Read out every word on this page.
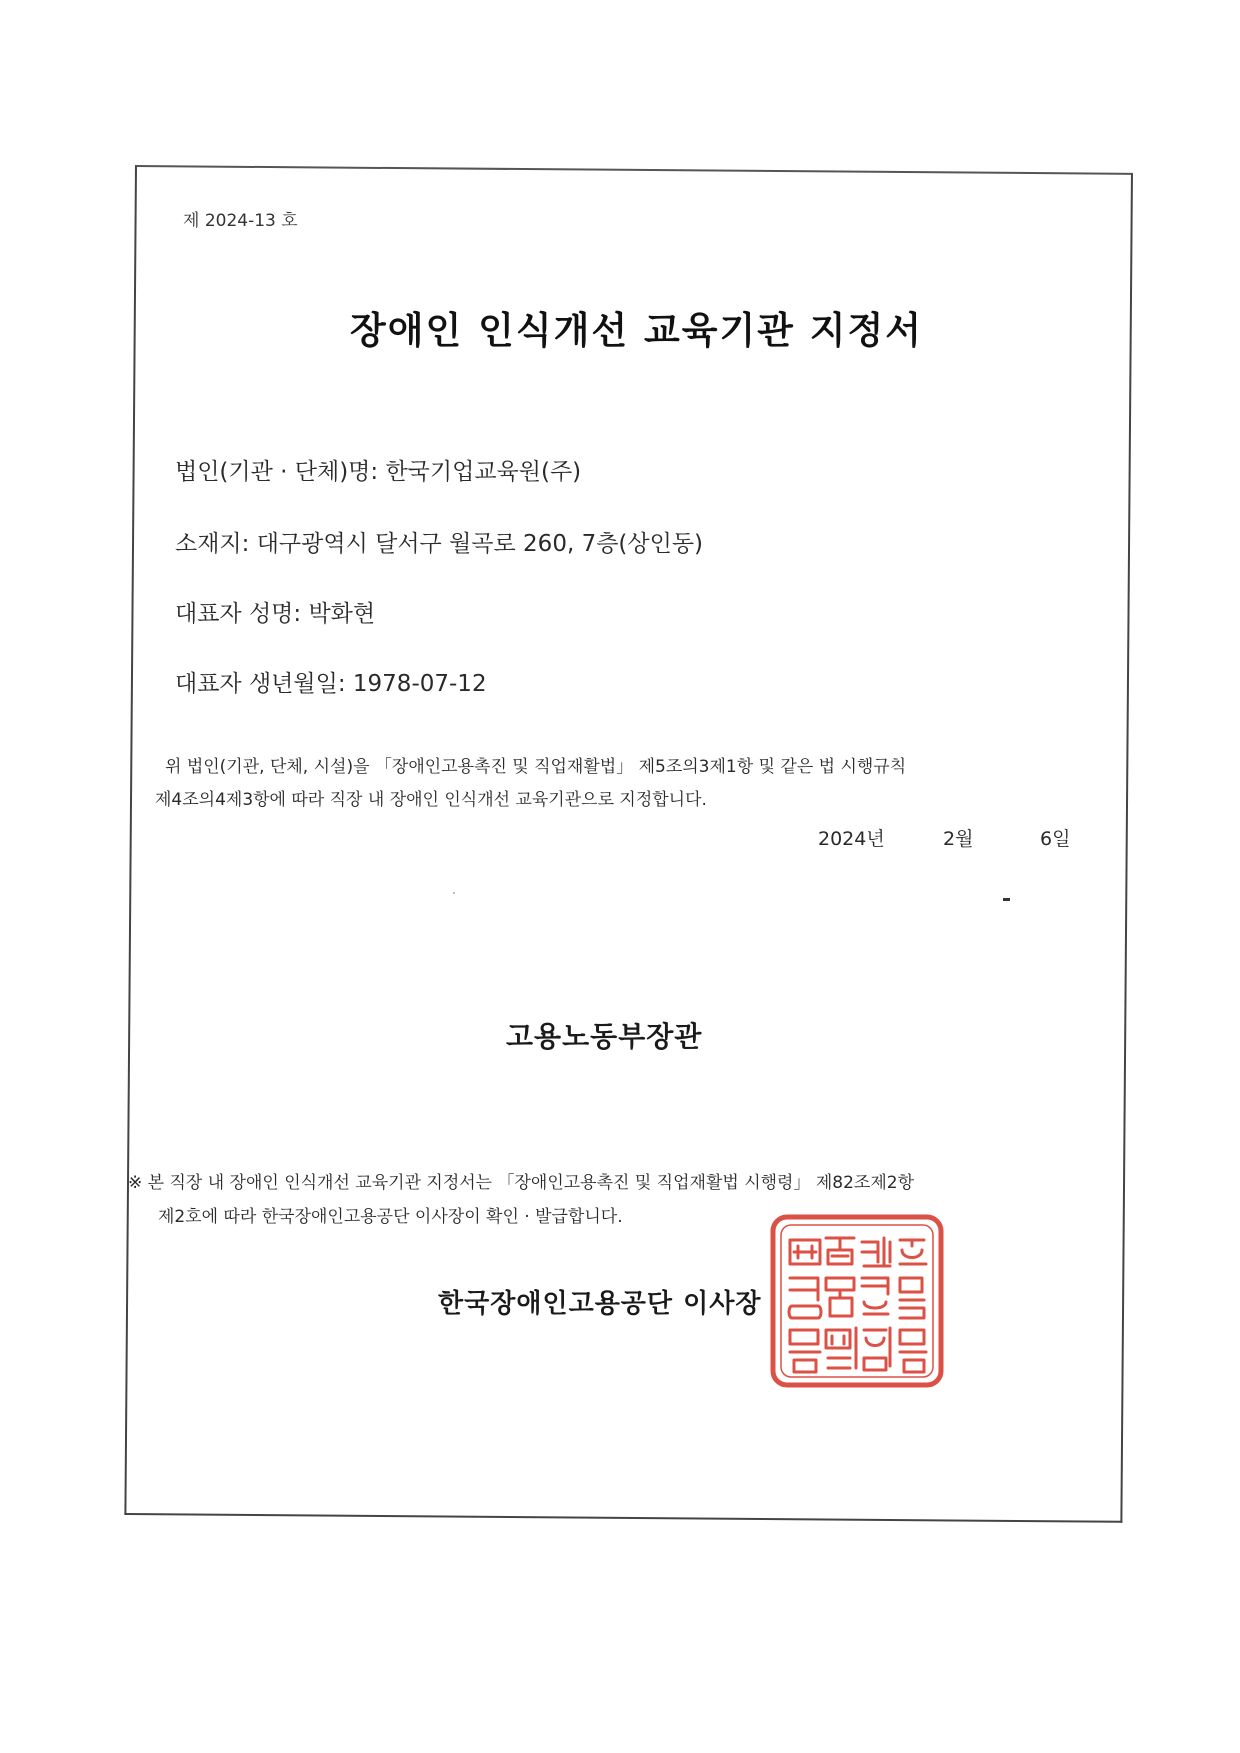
제 2024-13 호
장애인 인식개선 교육기관 지정서
법인(기관 · 단체)명: 한국기업교육원(주)
소재지: 대구광역시 달서구 월곡로 260, 7층(상인동)
대표자 성명: 박화현
대표자 생년월일: 1978-07-12
위 법인(기관, 단체, 시설)을 「장애인고용촉진 및 직업재활법」 제5조의3제1항 및 같은 법 시행규칙
제4조의4제3항에 따라 직장 내 장애인 인식개선 교육기관으로 지정합니다.
2024년	2월	6일
고용노동부장관
※ 본 직장 내 장애인 인식개선 교육기관 지정서는 「장애인고용촉진 및 직업재활법 시행령」 제82조제2항
제2호에 따라 한국장애인고용공단 이사장이 확인 · 발급합니다.
한국장애인고용공단 이사장
